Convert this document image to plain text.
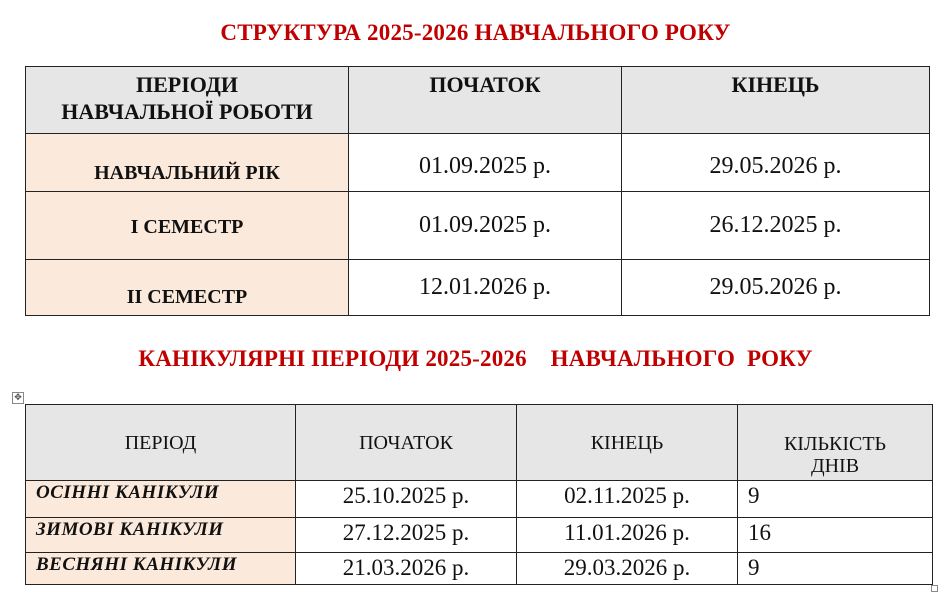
СТРУКТУРА 2025-2026 НАВЧАЛЬНОГО РОКУ
ПЕРІОДИ
НАВЧАЛЬНОЇ РОБОТИ	ПОЧАТОК	КІНЕЦЬ
НАВЧАЛЬНИЙ РІК	01.09.2025 р.	29.05.2026 р.
І СЕМЕСТР	01.09.2025 р.	26.12.2025 р.
ІІ СЕМЕСТР	12.01.2026 р.	29.05.2026 р.
КАНІКУЛЯРНІ ПЕРІОДИ 2025-2026    НАВЧАЛЬНОГО  РОКУ
✥
ПЕРІОД	ПОЧАТОК	КІНЕЦЬ	КІЛЬКІСТЬ
ДНІВ

ОСІННІ КАНІКУЛИ	25.10.2025 р.	02.11.2025 р.	9
ЗИМОВІ КАНІКУЛИ	27.12.2025 р.	11.01.2026 р.	16
ВЕСНЯНІ КАНІКУЛИ	21.03.2026 р.	29.03.2026 р.	9
